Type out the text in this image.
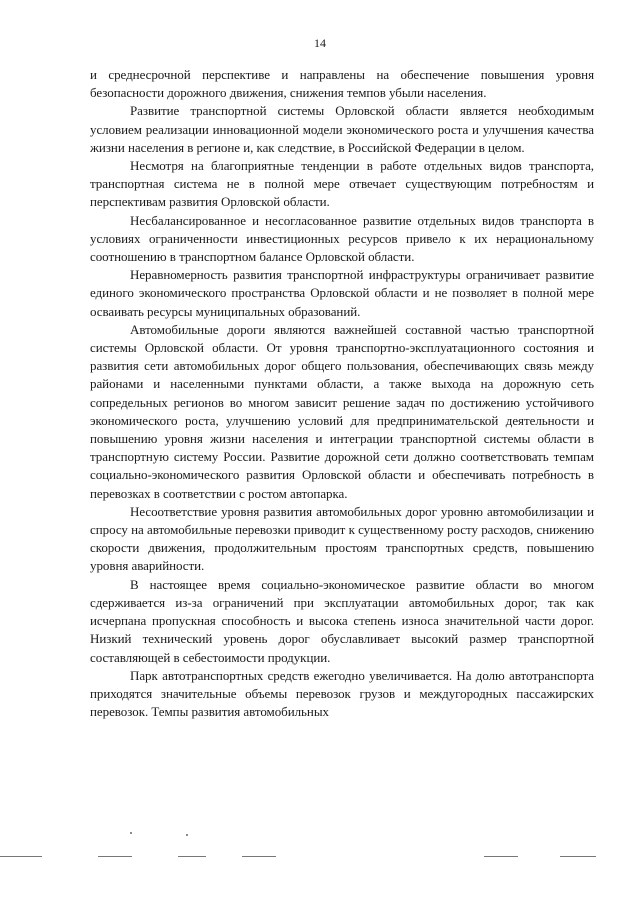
14

и среднесрочной перспективе и направлены на обеспечение повышения уровня безопасности дорожного движения, снижения темпов убыли населения.

Развитие транспортной системы Орловской области является необходимым условием реализации инновационной модели экономического роста и улучшения качества жизни населения в регионе и, как следствие, в Российской Федерации в целом.

Несмотря на благоприятные тенденции в работе отдельных видов транспорта, транспортная система не в полной мере отвечает существующим потребностям и перспективам развития Орловской области.

Несбалансированное и несогласованное развитие отдельных видов транспорта в условиях ограниченности инвестиционных ресурсов привело к их нерациональному соотношению в транспортном балансе Орловской области.

Неравномерность развития транспортной инфраструктуры ограничивает развитие единого экономического пространства Орловской области и не позволяет в полной мере осваивать ресурсы муниципальных образований.

Автомобильные дороги являются важнейшей составной частью транспортной системы Орловской области. От уровня транспортно-эксплуатационного состояния и развития сети автомобильных дорог общего пользования, обеспечивающих связь между районами и населенными пунктами области, а также выхода на дорожную сеть сопредельных регионов во многом зависит решение задач по достижению устойчивого экономического роста, улучшению условий для предпринимательской деятельности и повышению уровня жизни населения и интеграции транспортной системы области в транспортную систему России. Развитие дорожной сети должно соответствовать темпам социально-экономического развития Орловской области и обеспечивать потребность в перевозках в соответствии с ростом автопарка.

Несоответствие уровня развития автомобильных дорог уровню автомобилизации и спросу на автомобильные перевозки приводит к существенному росту расходов, снижению скорости движения, продолжительным простоям транспортных средств, повышению уровня аварийности.

В настоящее время социально-экономическое развитие области во многом сдерживается из-за ограничений при эксплуатации автомобильных дорог, так как исчерпана пропускная способность и высока степень износа значительной части дорог. Низкий технический уровень дорог обуславливает высокий размер транспортной составляющей в себестоимости продукции.

Парк автотранспортных средств ежегодно увеличивается. На долю автотранспорта приходятся значительные объемы перевозок грузов и междугородных пассажирских перевозок. Темпы развития автомобильных
